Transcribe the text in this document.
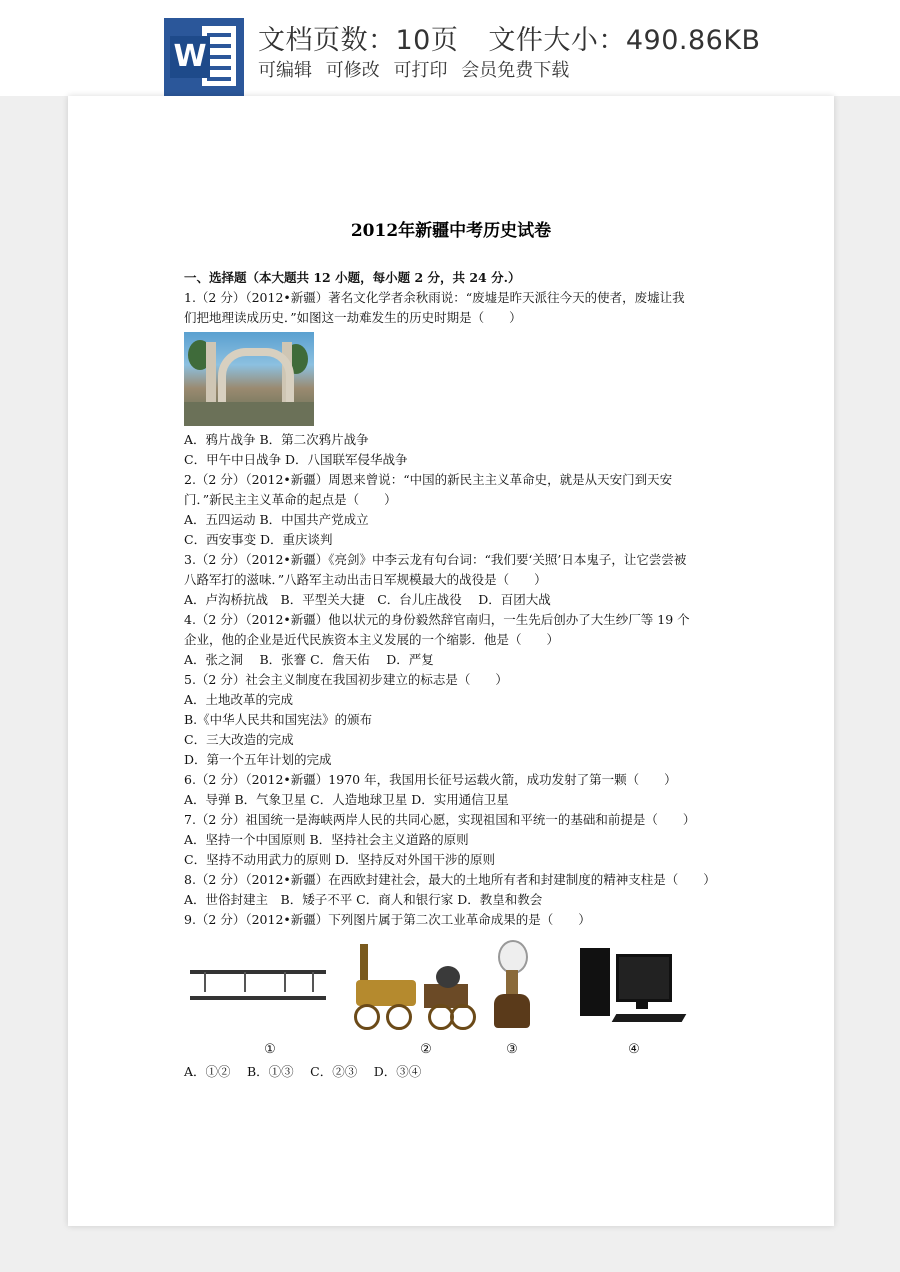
W 文档页数：10页 文件大小：490.86KB
可编辑 可修改 可打印 会员免费下载
2012年新疆中考历史试卷
一、选择题（本大题共 12 小题，每小题 2 分，共 24 分.）
1.（2 分）（2012•新疆）著名文化学者余秋雨说：“废墟是昨天派往今天的使者，废墟让我
们把地理读成历史．”如图这一劫难发生的历史时期是（　　）
A．鸦片战争 B．第二次鸦片战争
C．甲午中日战争 D．八国联军侵华战争
2.（2 分）（2012•新疆）周恩来曾说：“中国的新民主主义革命史，就是从天安门到天安
门．”新民主主义革命的起点是（　　）
A．五四运动 B．中国共产党成立
C．西安事变 D．重庆谈判
3.（2 分）（2012•新疆）《亮剑》中李云龙有句台词：“我们要‘关照’日本鬼子，让它尝尝被
八路军打的滋味．”八路军主动出击日军规模最大的战役是（　　）
A．卢沟桥抗战　B．平型关大捷　C．台儿庄战役　 D．百团大战
4.（2 分）（2012•新疆）他以状元的身份毅然辞官南归，一生先后创办了大生纱厂等 19 个
企业，他的企业是近代民族资本主义发展的一个缩影．他是（　　）
A．张之洞　 B．张謇 C．詹天佑　 D．严复
5.（2 分）社会主义制度在我国初步建立的标志是（　　）
A．土地改革的完成
B.《中华人民共和国宪法》的颁布
C．三大改造的完成
D．第一个五年计划的完成
6.（2 分）（2012•新疆）1970 年，我国用长征号运载火箭，成功发射了第一颗（　　）
A．导弹 B．气象卫星 C．人造地球卫星 D．实用通信卫星
7.（2 分）祖国统一是海峡两岸人民的共同心愿，实现祖国和平统一的基础和前提是（　　）
A．坚持一个中国原则 B．坚持社会主义道路的原则
C．坚持不动用武力的原则 D．坚持反对外国干涉的原则
8.（2 分）（2012•新疆）在西欧封建社会，最大的土地所有者和封建制度的精神支柱是（　　）
A．世俗封建主　B．矮子不平 C．商人和银行家 D．教皇和教会
9.（2 分）（2012•新疆）下列图片属于第二次工业革命成果的是（　　）
①	②	③	④
A．①②　 B．①③　 C．②③　 D．③④
